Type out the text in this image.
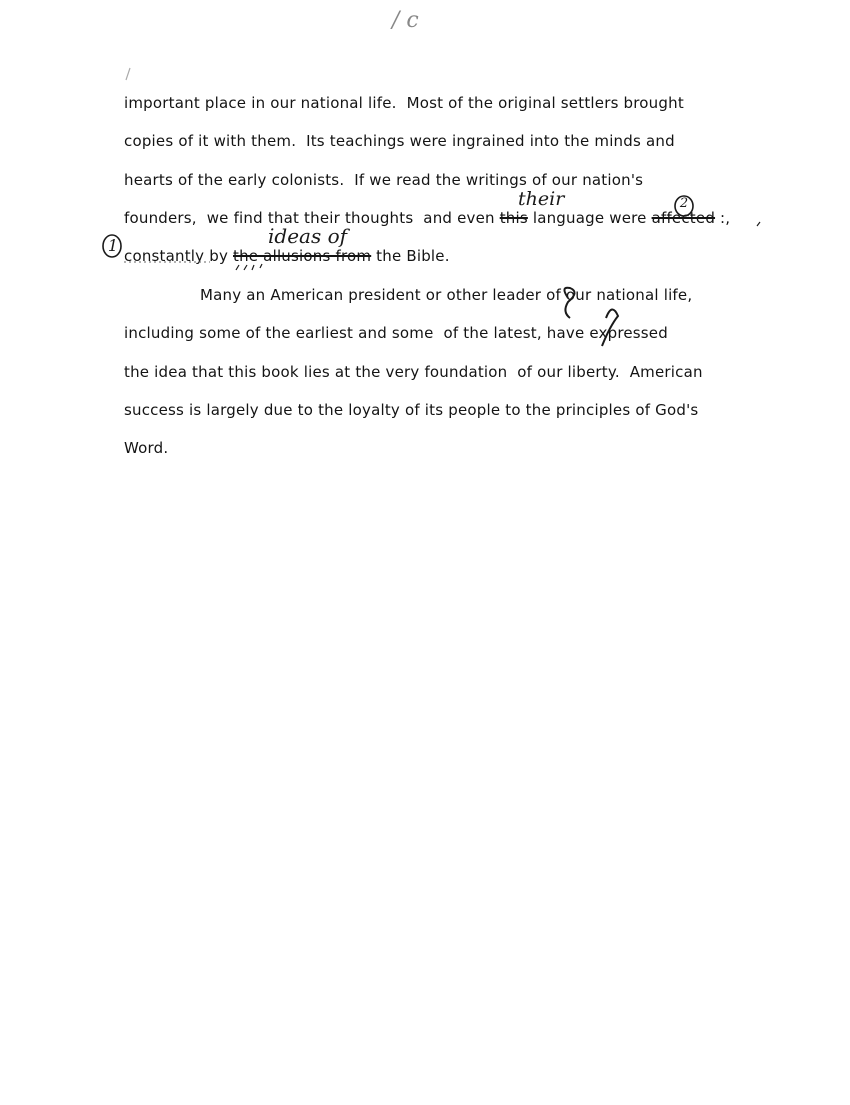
/ c
important place in our national life.  Most of the original settlers brought
copies of it with them.  Its teachings were ingrained into the minds and
hearts of the early colonists.  If we read the writings of our nation's
founders,  we find that their thoughts  and even this language were affected :,
constantly by the allusions from the Bible.
their
ideas of
1
2
Many an American president or other leader of our national life,
including some of the earliest and some  of the latest, have expressed
the idea that this book lies at the very foundation  of our liberty.  American
success is largely due to the loyalty of its people to the principles of God's
Word.
